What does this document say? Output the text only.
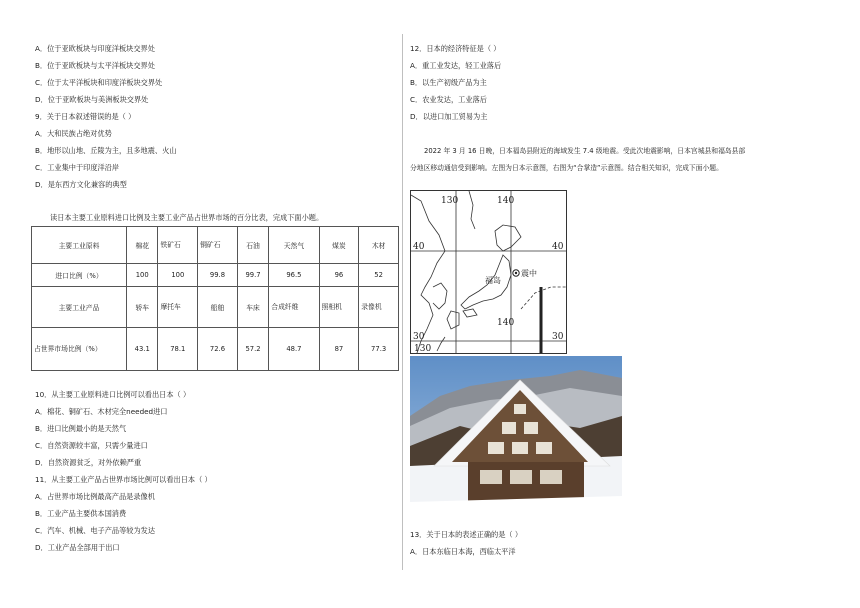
A．位于亚欧板块与印度洋板块交界处
B．位于亚欧板块与太平洋板块交界处
C．位于太平洋板块和印度洋板块交界处
D．位于亚欧板块与美洲板块交界处
9．关于日本叙述错误的是（ ）
A．大和民族占绝对优势
B．地形以山地、丘陵为主，且多地震、火山
C．工业集中于印度洋沿岸
D．是东西方文化兼容的典型
读日本主要工业原料进口比例及主要工业产品占世界市场的百分比表，完成下面小题。
主要工业原料	棉花	铁矿石	铜矿石	石油	天然气	煤炭	木材
进口比例（%）	100	100	99.8	99.7	96.5	96	52
主要工业产品	轿车	摩托车	船舶	车床	合成纤维	照相机	录像机

占世界市场比例（%）	43.1	78.1	72.6	57.2	48.7	87	77.3
10．从主要工业原料进口比例可以看出日本（ ）
A．棉花、铜矿石、木材完全needed进口
B．进口比例最小的是天然气
C．自然资源较丰富，只需少量进口
D．自然资源贫乏，对外依赖严重
11．从主要工业产品占世界市场比例可以看出日本（ ）
A．占世界市场比例最高产品是录像机
B．工业产品主要供本国消费
C．汽车、机械、电子产品等较为发达
D．工业产品全部用于出口
12．日本的经济特征是（ ）
A．重工业发达，轻工业落后
B．以生产初级产品为主
C．农业发达，工业落后
D．以进口加工贸易为主
2022 年 3 月 16 日晚，日本福岛县附近的海域发生 7.4 级地震。受此次地震影响，日本宫城县和福岛县部
分地区移动通信受到影响。左图为日本示意图，右图为“合掌造”示意图。结合相关知识，完成下面小题。
40	40
30	30
130	140
140
130
福岛
震中
13．关于日本的表述正确的是（ ）
A．日本东临日本海，西临太平洋
